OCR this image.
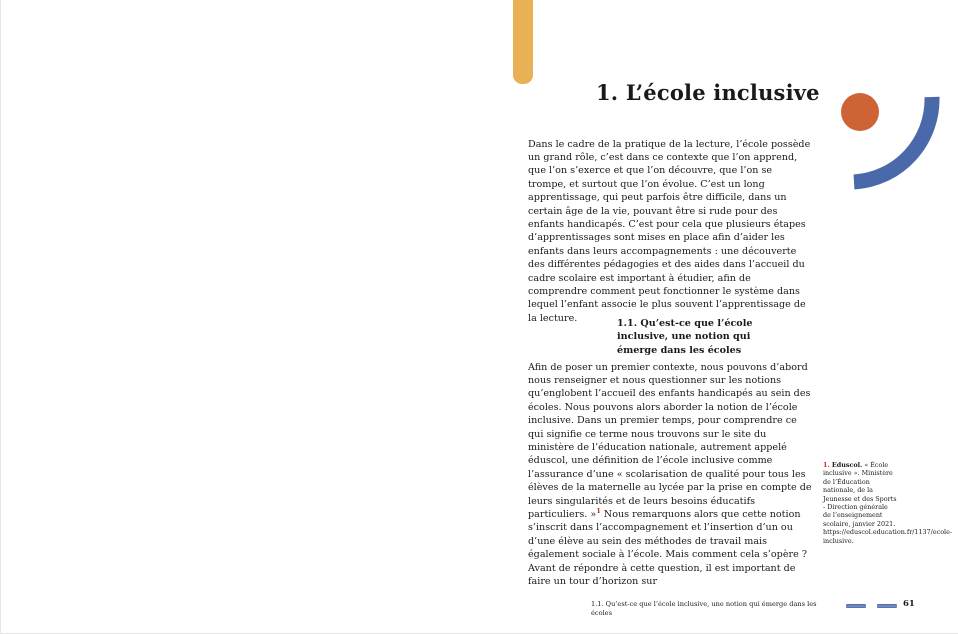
1. L’école inclusive

Dans le cadre de la pratique de la lecture, l’école possède un grand rôle, c’est dans ce contexte que l’on apprend, que l’on s’exerce et que l’on découvre, que l’on se trompe, et surtout que l’on évolue. C’est un long apprentissage, qui peut parfois être difficile, dans un certain âge de la vie, pouvant être si rude pour des enfants handicapés. C’est pour cela que plusieurs étapes d’apprentissages sont mises en place afin d’aider les enfants dans leurs accompagnements : une découverte des différentes pédagogies et des aides dans l’accueil du cadre scolaire est important à étudier, afin de comprendre comment peut fonctionner le système dans lequel l’enfant associe le plus souvent l’apprentissage de la lecture.	1.1. Qu’est-ce que l’école inclusive, une notion qui émerge dans les écoles

Afin de poser un premier contexte, nous pouvons d’abord nous renseigner et nous questionner sur les notions qu’englobent l’accueil des enfants handicapés au sein des écoles. Nous pouvons alors aborder la notion de l’école inclusive. Dans un premier temps, pour comprendre ce qui signifie ce terme nous trouvons sur le site du ministère de l’éducation nationale, autrement appelé éduscol, une définition de l’école inclusive comme l’assurance d’une « scolarisation de qualité pour tous les élèves de la maternelle au lycée par la prise en compte de leurs singularités et de leurs besoins éducatifs particuliers. »$^1$ Nous remarquons alors que cette notion s’inscrit dans l’accompagnement et l’insertion d’un ou d’une élève au sein des méthodes de travail mais également sociale à l’école. Mais comment cela s’opère ? Avant de répondre à cette question, il est important de faire un tour d’horizon sur

1. Eduscol. « École inclusive ». Ministère de l’Éducation nationale, de la Jeunesse et des Sports - Direction générale de l’enseignement scolaire, janvier 2021. https://eduscol.education.fr/1137/ecole-inclusive.
1.1. Qu’est-ce que l’école inclusive, une notion qui émerge dans les écoles
61
